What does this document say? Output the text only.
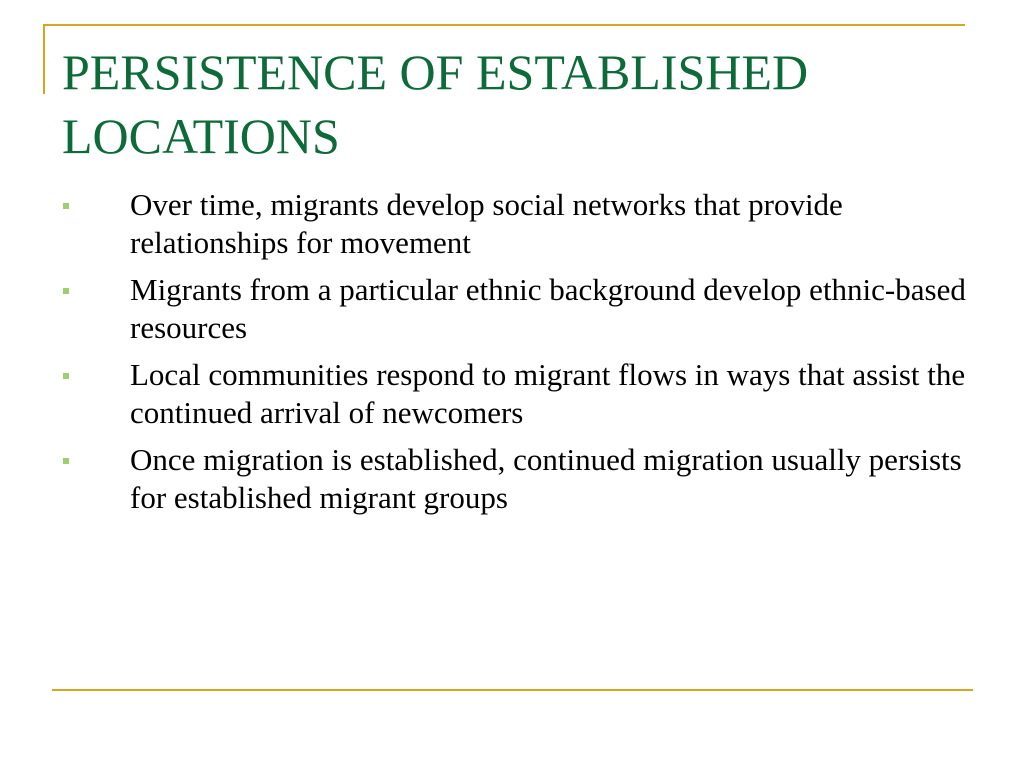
PERSISTENCE OF ESTABLISHED LOCATIONS
Over time, migrants develop social networks that provide relationships for movement
Migrants from a particular ethnic background develop ethnic-based resources
Local communities respond to migrant flows in ways that assist the continued arrival of newcomers
Once migration is established, continued migration usually persists for established migrant groups
